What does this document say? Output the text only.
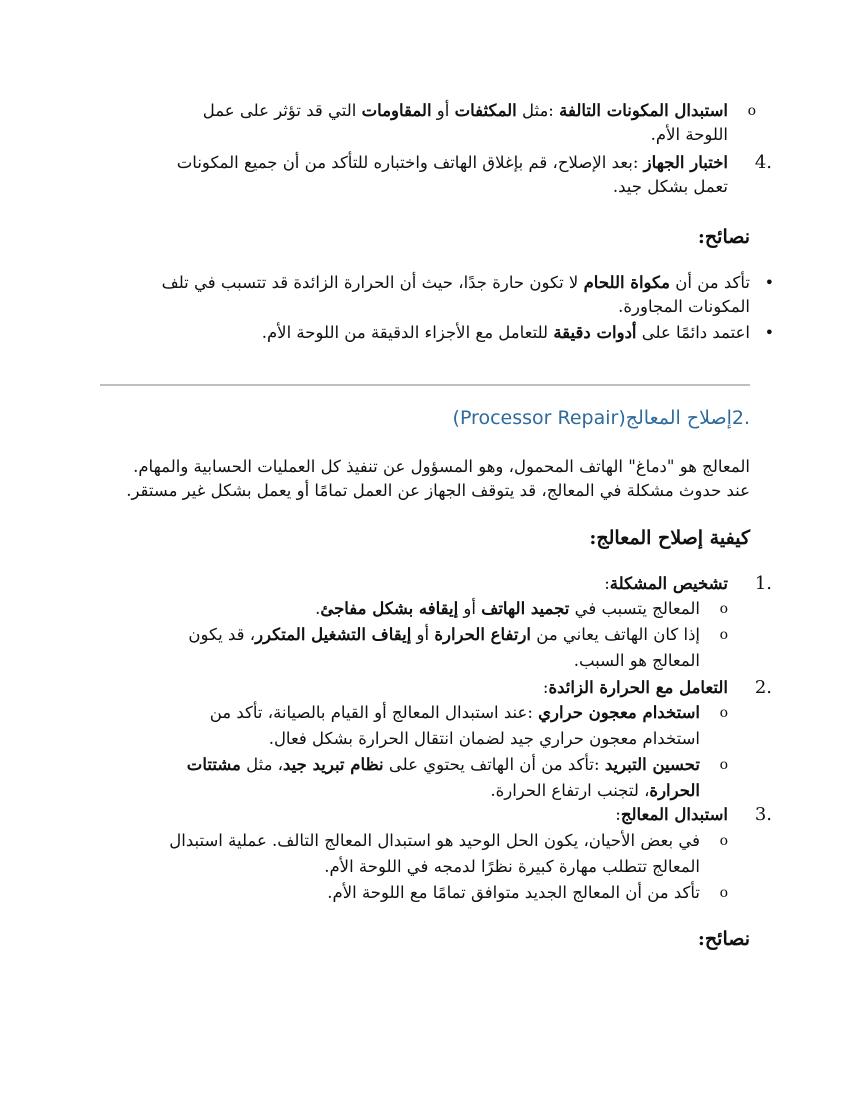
o
استبدال المكونات التالفة :مثل المكثفات أو المقاومات التي قد تؤثر على عمل
اللوحة الأم.
4.
اختبار الجهاز :بعد الإصلاح، قم بإغلاق الهاتف واختباره للتأكد من أن جميع المكونات
تعمل بشكل جيد.
نصائح:
•
تأكد من أن مكواة اللحام لا تكون حارة جدًا، حيث أن الحرارة الزائدة قد تتسبب في تلف
المكونات المجاورة.
•
اعتمد دائمًا على أدوات دقيقة للتعامل مع الأجزاء الدقيقة من اللوحة الأم.
.2إصلاح المعالج(Processor Repair)
المعالج هو "دماغ" الهاتف المحمول، وهو المسؤول عن تنفيذ كل العمليات الحسابية والمهام.
عند حدوث مشكلة في المعالج، قد يتوقف الجهاز عن العمل تمامًا أو يعمل بشكل غير مستقر.
كيفية إصلاح المعالج:
1.
تشخيص المشكلة:
o
المعالج يتسبب في تجميد الهاتف أو إيقافه بشكل مفاجئ.
o
إذا كان الهاتف يعاني من ارتفاع الحرارة أو إيقاف التشغيل المتكرر، قد يكون
المعالج هو السبب.
2.
التعامل مع الحرارة الزائدة:
o
استخدام معجون حراري :عند استبدال المعالج أو القيام بالصيانة، تأكد من
استخدام معجون حراري جيد لضمان انتقال الحرارة بشكل فعال.
o
تحسين التبريد :تأكد من أن الهاتف يحتوي على نظام تبريد جيد، مثل مشتتات
الحرارة، لتجنب ارتفاع الحرارة.
3.
استبدال المعالج:
o
في بعض الأحيان، يكون الحل الوحيد هو استبدال المعالج التالف. عملية استبدال
المعالج تتطلب مهارة كبيرة نظرًا لدمجه في اللوحة الأم.
o
تأكد من أن المعالج الجديد متوافق تمامًا مع اللوحة الأم.
نصائح:
